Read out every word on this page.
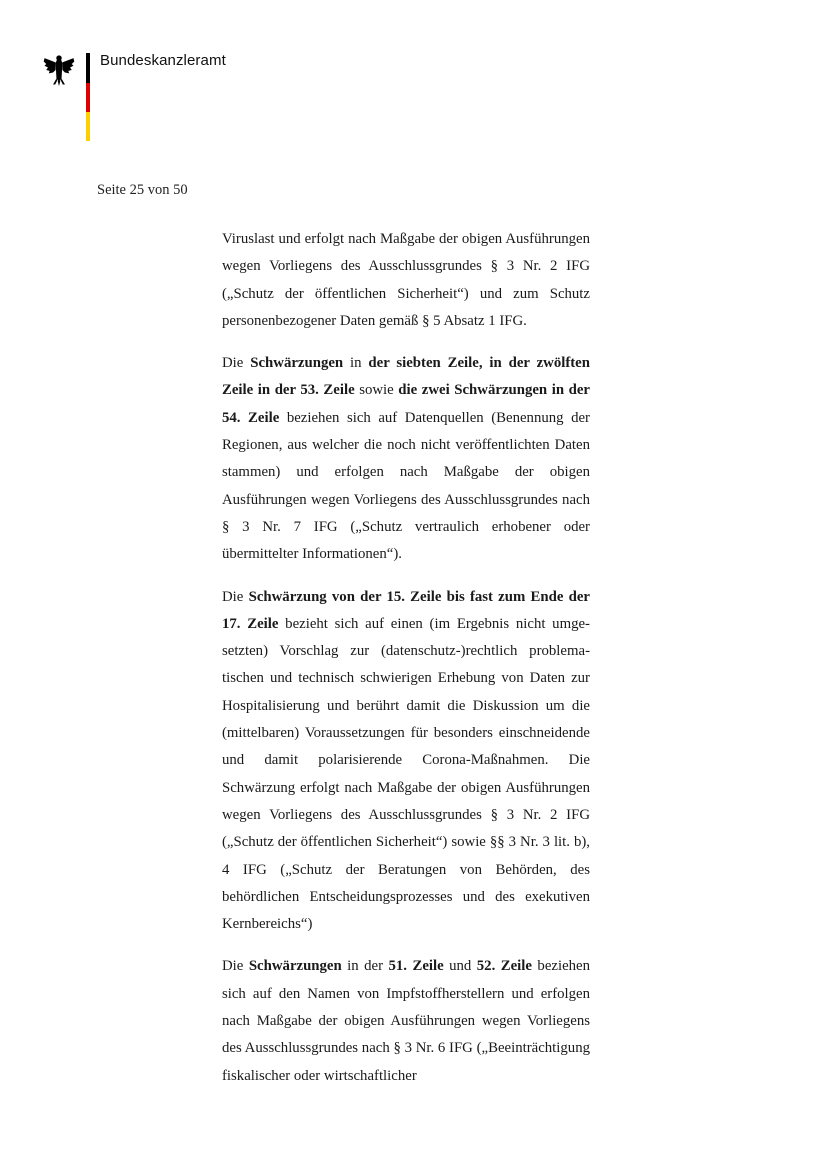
Bundeskanzleramt
Seite 25 von 50

Viruslast und erfolgt nach Maßgabe der obigen Ausführungen wegen Vorliegens des Ausschlussgrundes § 3 Nr. 2 IFG („Schutz der öffentlichen Sicherheit“) und zum Schutz personenbezogener Daten gemäß § 5 Absatz 1 IFG.

Die Schwärzungen in der siebten Zeile, in der zwölften Zeile in der 53. Zeile sowie die zwei Schwärzungen in der 54. Zeile beziehen sich auf Datenquellen (Benennung der Regionen, aus welcher die noch nicht veröffentlichten Daten stammen) und erfolgen nach Maßgabe der obigen Ausführungen wegen Vorliegens des Ausschlussgrundes nach § 3 Nr. 7 IFG („Schutz vertraulich erhobener oder übermittelter Informationen“).

Die Schwärzung von der 15. Zeile bis fast zum Ende der 17. Zeile bezieht sich auf einen (im Ergebnis nicht umgesetzten) Vorschlag zur (datenschutz-)rechtlich problematischen und technisch schwierigen Erhebung von Daten zur Hospitalisierung und berührt damit die Diskussion um die (mittelbaren) Voraussetzungen für besonders einschneidende und damit polarisierende Corona-Maßnahmen. Die Schwärzung erfolgt nach Maßgabe der obigen Ausführungen wegen Vorliegens des Ausschlussgrundes § 3 Nr. 2 IFG („Schutz der öffentlichen Sicherheit“) sowie §§ 3 Nr. 3 lit. b), 4 IFG („Schutz der Beratungen von Behörden, des behördlichen Entscheidungsprozesses und des exekutiven Kernbereichs“)

Die Schwärzungen in der 51. Zeile und 52. Zeile beziehen sich auf den Namen von Impfstoffherstellern und erfolgen nach Maßgabe der obigen Ausführungen wegen Vorliegens des Ausschlussgrundes nach § 3 Nr. 6 IFG („Beeinträchtigung fiskalischer oder wirtschaftlicher
